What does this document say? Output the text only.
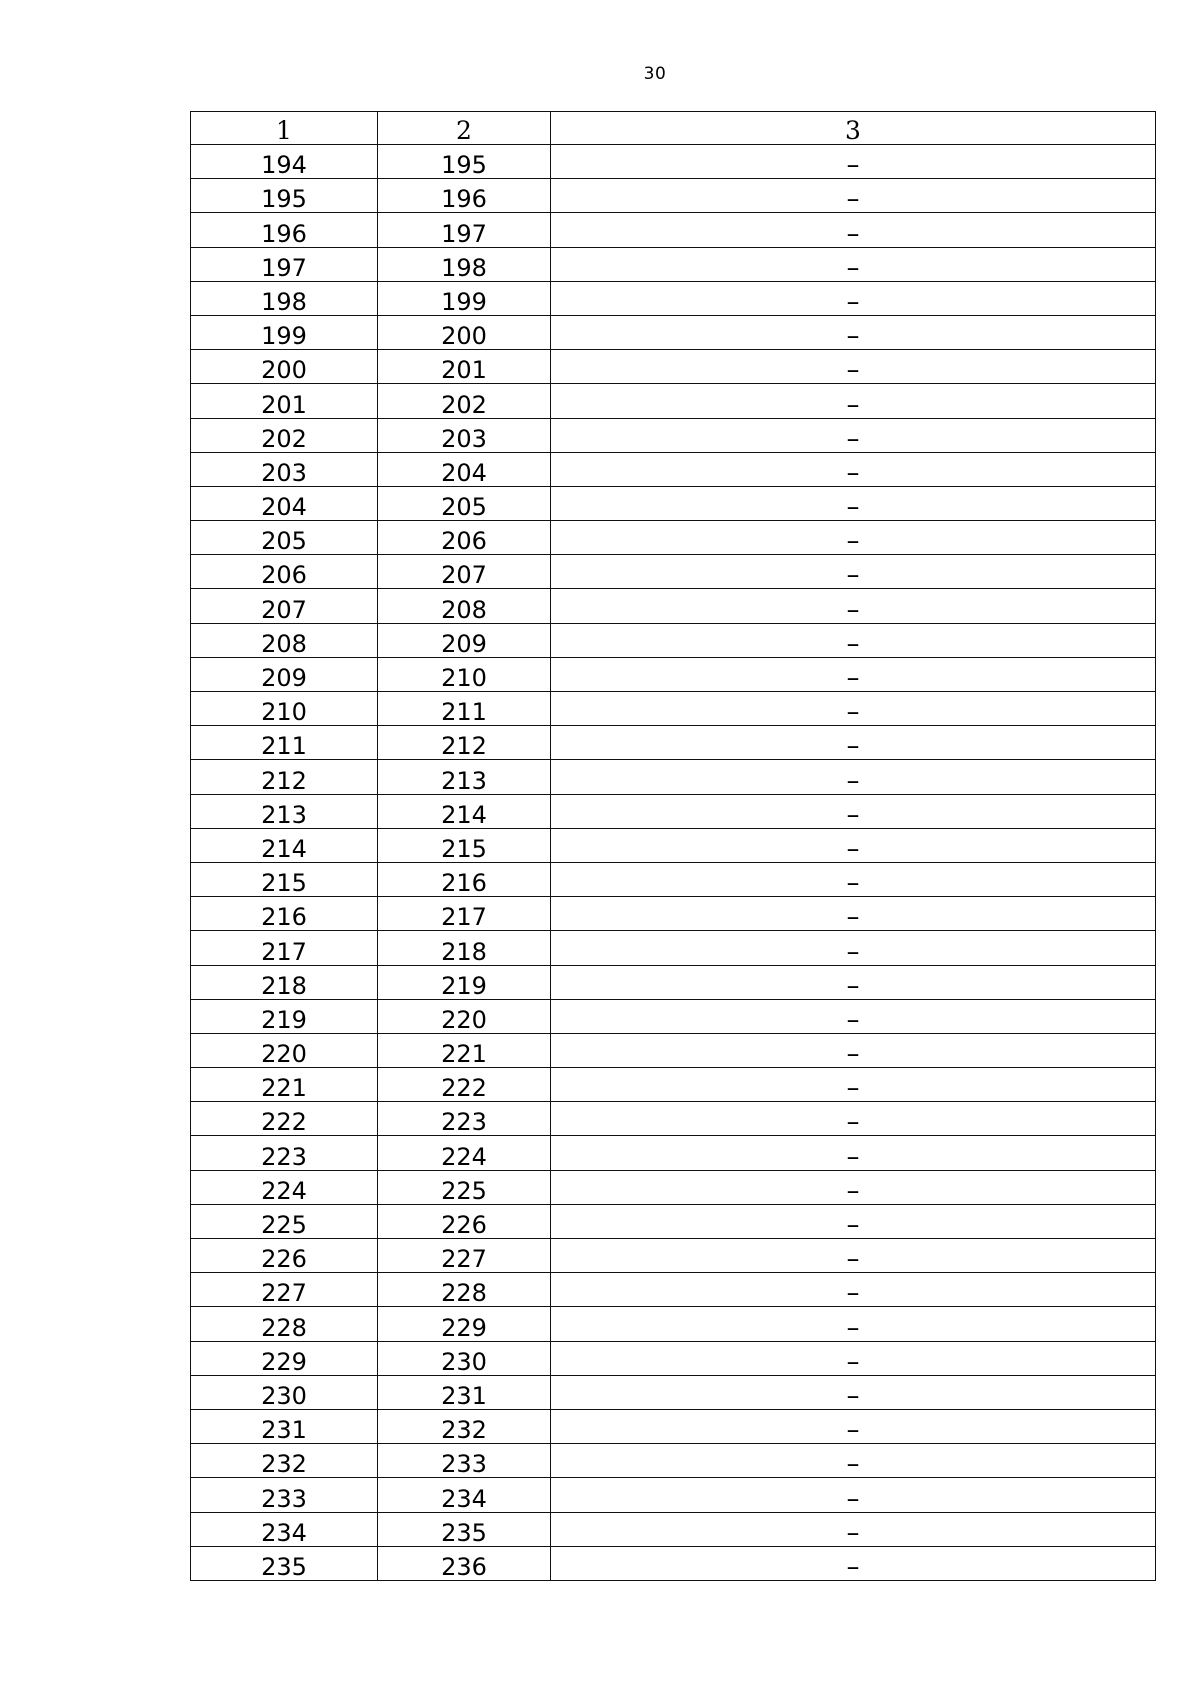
30
1	2	3
194	195	–
195	196	–
196	197	–
197	198	–
198	199	–
199	200	–
200	201	–
201	202	–
202	203	–
203	204	–
204	205	–
205	206	–
206	207	–
207	208	–
208	209	–
209	210	–
210	211	–
211	212	–
212	213	–
213	214	–
214	215	–
215	216	–
216	217	–
217	218	–
218	219	–
219	220	–
220	221	–
221	222	–
222	223	–
223	224	–
224	225	–
225	226	–
226	227	–
227	228	–
228	229	–
229	230	–
230	231	–
231	232	–
232	233	–
233	234	–
234	235	–
235	236	–
